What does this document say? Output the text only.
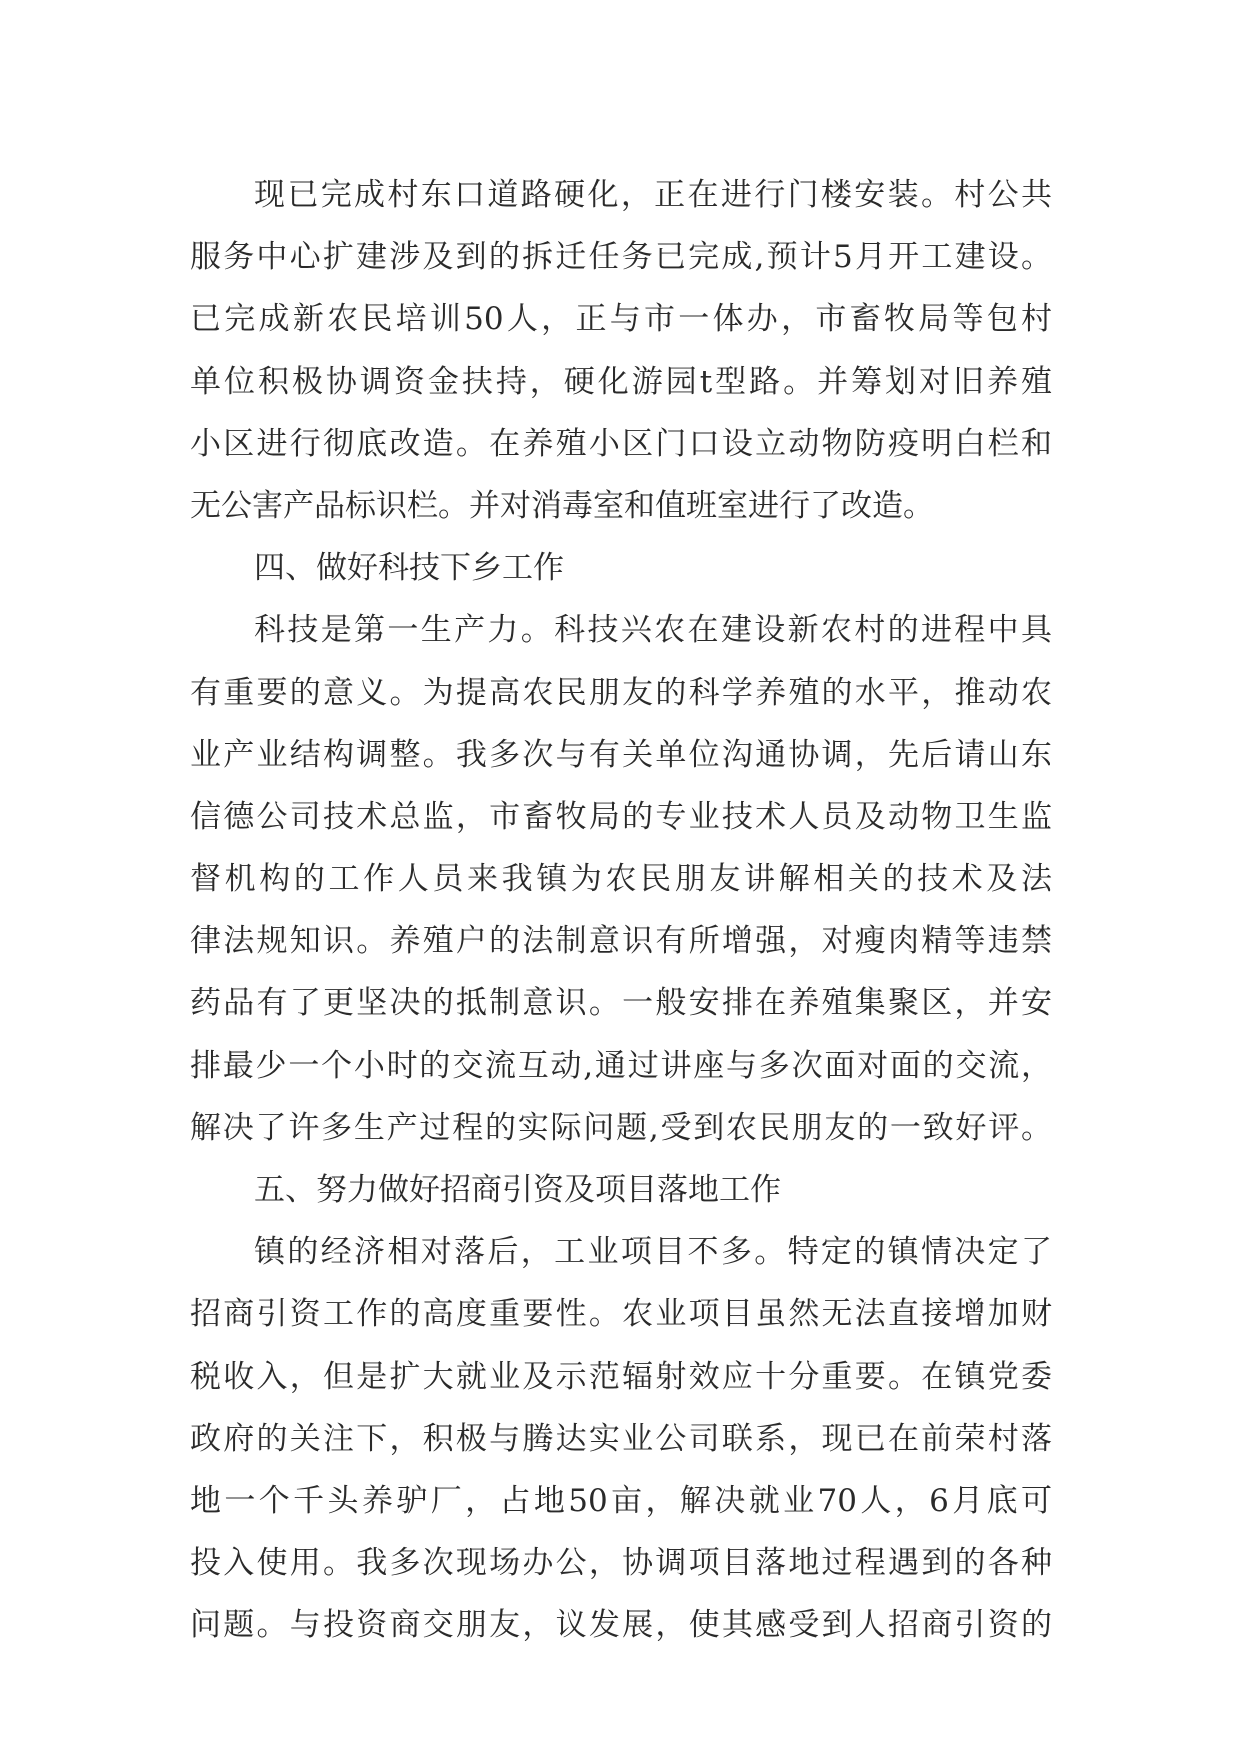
现已完成村东口道路硬化，正在进行门楼安装。村公共
服务中心扩建涉及到的拆迁任务已完成,预计5月开工建设。
已完成新农民培训50人，正与市一体办，市畜牧局等包村
单位积极协调资金扶持，硬化游园t型路。并筹划对旧养殖
小区进行彻底改造。在养殖小区门口设立动物防疫明白栏和
无公害产品标识栏。并对消毒室和值班室进行了改造。
四、做好科技下乡工作
科技是第一生产力。科技兴农在建设新农村的进程中具
有重要的意义。为提高农民朋友的科学养殖的水平，推动农
业产业结构调整。我多次与有关单位沟通协调，先后请山东
信德公司技术总监，市畜牧局的专业技术人员及动物卫生监
督机构的工作人员来我镇为农民朋友讲解相关的技术及法
律法规知识。养殖户的法制意识有所增强，对瘦肉精等违禁
药品有了更坚决的抵制意识。一般安排在养殖集聚区，并安
排最少一个小时的交流互动,通过讲座与多次面对面的交流，
解决了许多生产过程的实际问题,受到农民朋友的一致好评。
五、努力做好招商引资及项目落地工作
镇的经济相对落后，工业项目不多。特定的镇情决定了
招商引资工作的高度重要性。农业项目虽然无法直接增加财
税收入，但是扩大就业及示范辐射效应十分重要。在镇党委
政府的关注下，积极与腾达实业公司联系，现已在前荣村落
地一个千头养驴厂，占地50亩，解决就业70人，6月底可
投入使用。我多次现场办公，协调项目落地过程遇到的各种
问题。与投资商交朋友，议发展，使其感受到人招商引资的
